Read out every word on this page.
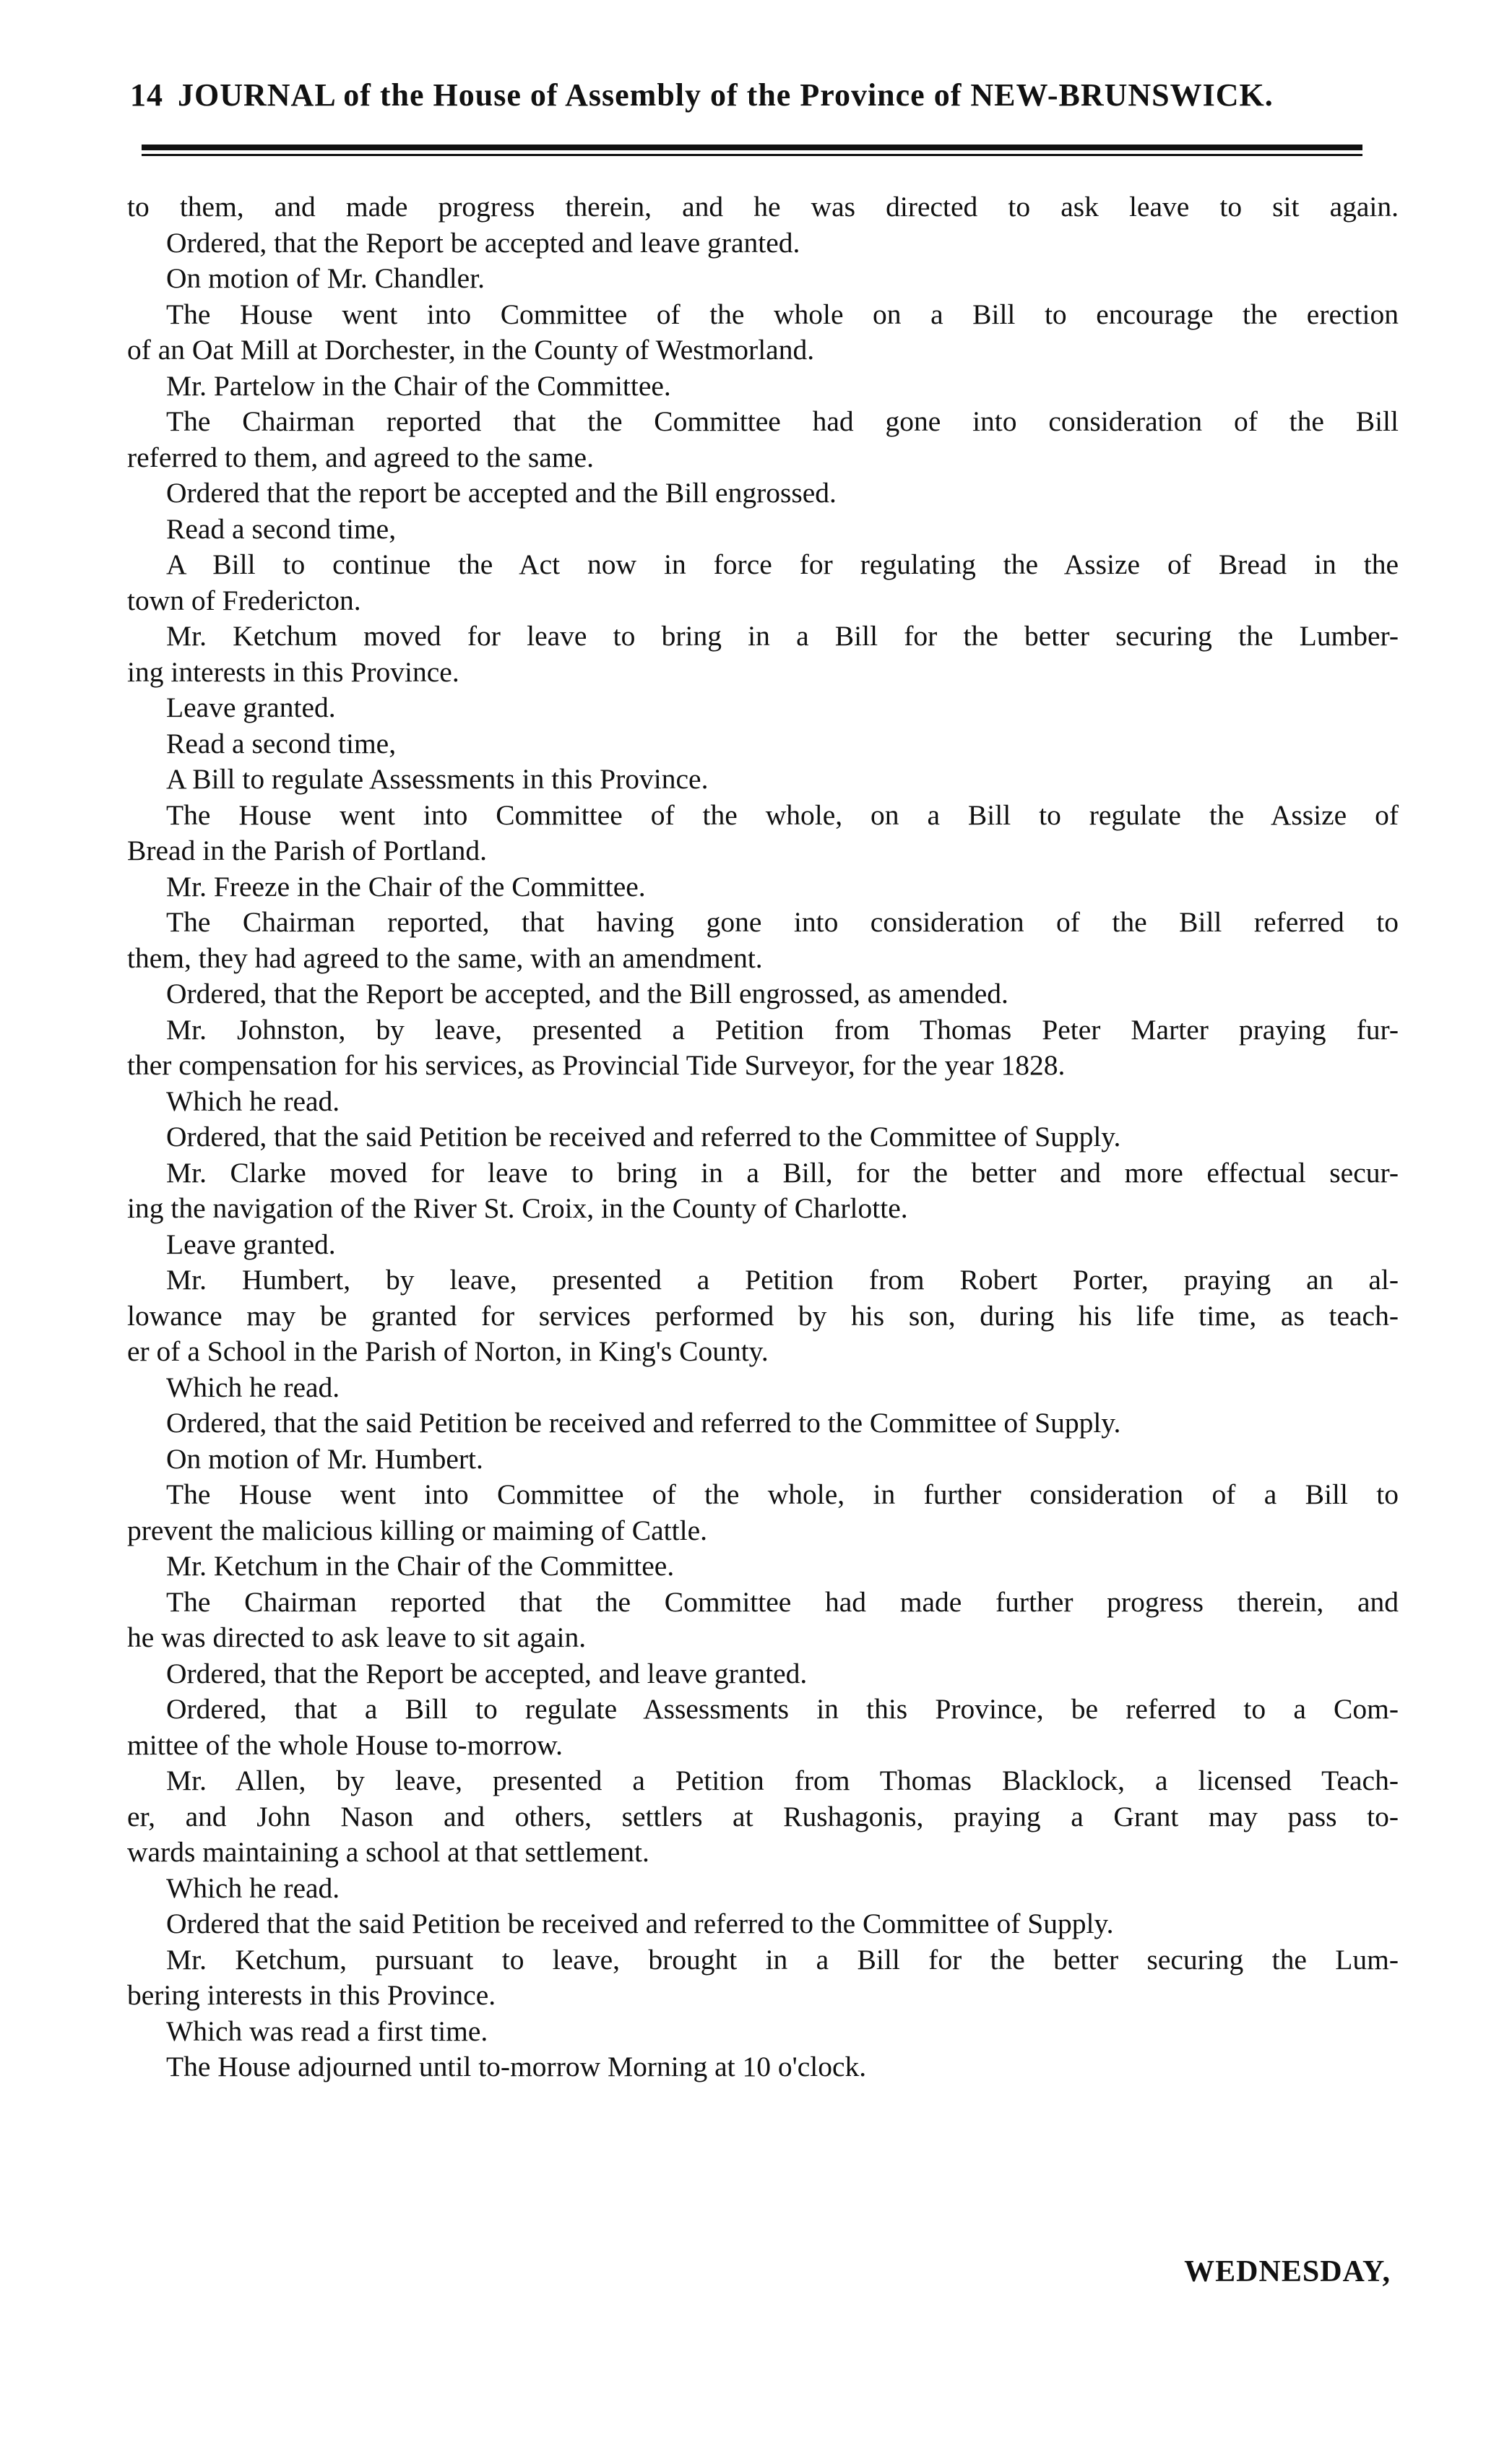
14 JOURNAL of the House of Assembly of the Province of NEW-BRUNSWICK.
to them, and made progress therein, and he was directed to ask leave to sit again.
Ordered, that the Report be accepted and leave granted.
On motion of Mr. Chandler.
The House went into Committee of the whole on a Bill to encourage the erection
of an Oat Mill at Dorchester, in the County of Westmorland.
Mr. Partelow in the Chair of the Committee.
The Chairman reported that the Committee had gone into consideration of the Bill
referred to them, and agreed to the same.
Ordered that the report be accepted and the Bill engrossed.
Read a second time,
A Bill to continue the Act now in force for regulating the Assize of Bread in the
town of Fredericton.
Mr. Ketchum moved for leave to bring in a Bill for the better securing the Lumber-
ing interests in this Province.
Leave granted.
Read a second time,
A Bill to regulate Assessments in this Province.
The House went into Committee of the whole, on a Bill to regulate the Assize of
Bread in the Parish of Portland.
Mr. Freeze in the Chair of the Committee.
The Chairman reported, that having gone into consideration of the Bill referred to
them, they had agreed to the same, with an amendment.
Ordered, that the Report be accepted, and the Bill engrossed, as amended.
Mr. Johnston, by leave, presented a Petition from Thomas Peter Marter praying fur-
ther compensation for his services, as Provincial Tide Surveyor, for the year 1828.
Which he read.
Ordered, that the said Petition be received and referred to the Committee of Supply.
Mr. Clarke moved for leave to bring in a Bill, for the better and more effectual secur-
ing the navigation of the River St. Croix, in the County of Charlotte.
Leave granted.
Mr. Humbert, by leave, presented a Petition from Robert Porter, praying an al-
lowance may be granted for services performed by his son, during his life time, as teach-
er of a School in the Parish of Norton, in King's County.
Which he read.
Ordered, that the said Petition be received and referred to the Committee of Supply.
On motion of Mr. Humbert.
The House went into Committee of the whole, in further consideration of a Bill to
prevent the malicious killing or maiming of Cattle.
Mr. Ketchum in the Chair of the Committee.
The Chairman reported that the Committee had made further progress therein, and
he was directed to ask leave to sit again.
Ordered, that the Report be accepted, and leave granted.
Ordered, that a Bill to regulate Assessments in this Province, be referred to a Com-
mittee of the whole House to-morrow.
Mr. Allen, by leave, presented a Petition from Thomas Blacklock, a licensed Teach-
er, and John Nason and others, settlers at Rushagonis, praying a Grant may pass to-
wards maintaining a school at that settlement.
Which he read.
Ordered that the said Petition be received and referred to the Committee of Supply.
Mr. Ketchum, pursuant to leave, brought in a Bill for the better securing the Lum-
bering interests in this Province.
Which was read a first time.
The House adjourned until to-morrow Morning at 10 o'clock.
WEDNESDAY,
